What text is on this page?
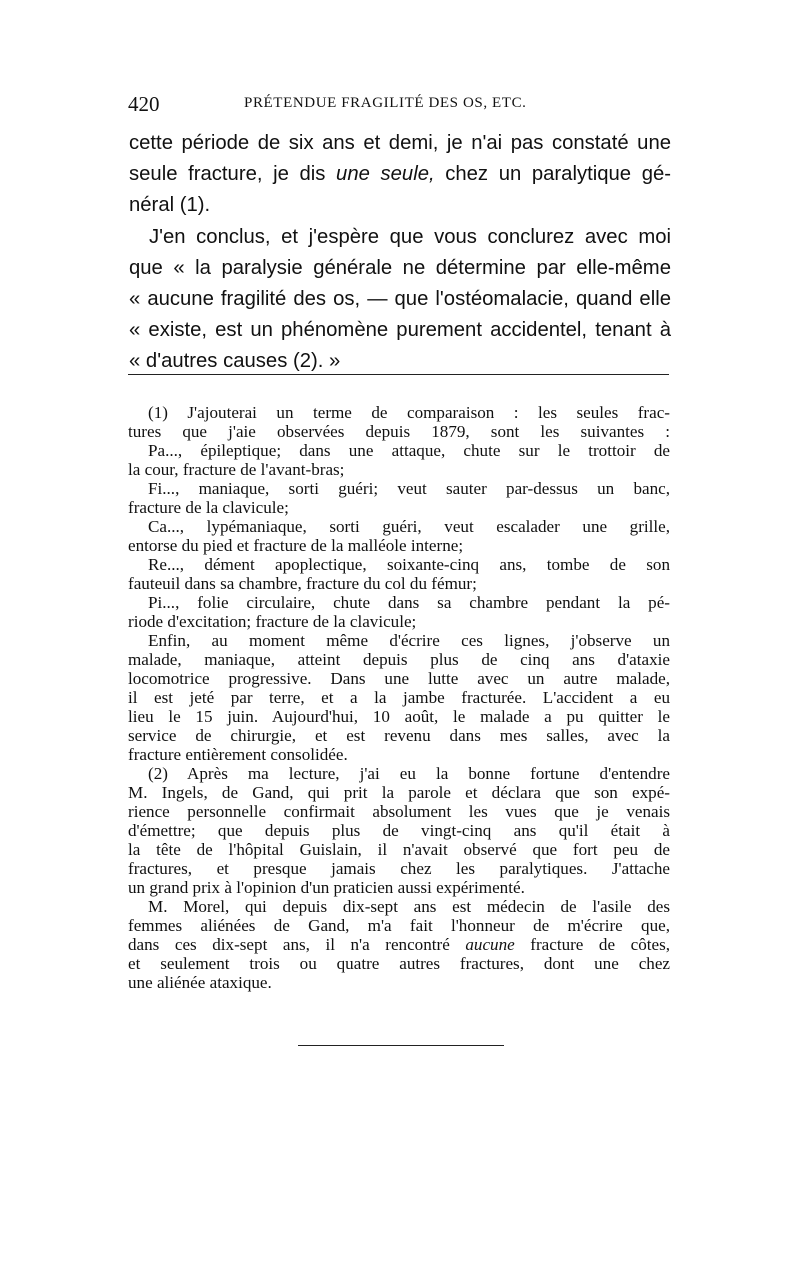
420	PRÉTENDUE FRAGILITÉ DES OS, ETC.
cette période de six ans et demi, je n'ai pas constaté une
seule fracture, je dis une seule, chez un paralytique gé-
néral (1).
J'en conclus, et j'espère que vous conclurez avec moi
que « la paralysie générale ne détermine par elle-même
« aucune fragilité des os, — que l'ostéomalacie, quand elle
« existe, est un phénomène purement accidentel, tenant à
« d'autres causes (2). »
(1) J'ajouterai un terme de comparaison : les seules frac-
tures que j'aie observées depuis 1879, sont les suivantes :
Pa..., épileptique; dans une attaque, chute sur le trottoir de
la cour, fracture de l'avant-bras;
Fi..., maniaque, sorti guéri; veut sauter par-dessus un banc,
fracture de la clavicule;
Ca..., lypémaniaque, sorti guéri, veut escalader une grille,
entorse du pied et fracture de la malléole interne;
Re..., dément apoplectique, soixante-cinq ans, tombe de son
fauteuil dans sa chambre, fracture du col du fémur;
Pi..., folie circulaire, chute dans sa chambre pendant la pé-
riode d'excitation; fracture de la clavicule;
Enfin, au moment même d'écrire ces lignes, j'observe un
malade, maniaque, atteint depuis plus de cinq ans d'ataxie
locomotrice progressive. Dans une lutte avec un autre malade,
il est jeté par terre, et a la jambe fracturée. L'accident a eu
lieu le 15 juin. Aujourd'hui, 10 août, le malade a pu quitter le
service de chirurgie, et est revenu dans mes salles, avec la
fracture entièrement consolidée.
(2) Après ma lecture, j'ai eu la bonne fortune d'entendre
M. Ingels, de Gand, qui prit la parole et déclara que son expé-
rience personnelle confirmait absolument les vues que je venais
d'émettre; que depuis plus de vingt-cinq ans qu'il était à
la tête de l'hôpital Guislain, il n'avait observé que fort peu de
fractures, et presque jamais chez les paralytiques. J'attache
un grand prix à l'opinion d'un praticien aussi expérimenté.
M. Morel, qui depuis dix-sept ans est médecin de l'asile des
femmes aliénées de Gand, m'a fait l'honneur de m'écrire que,
dans ces dix-sept ans, il n'a rencontré aucune fracture de côtes,
et seulement trois ou quatre autres fractures, dont une chez
une aliénée ataxique.
